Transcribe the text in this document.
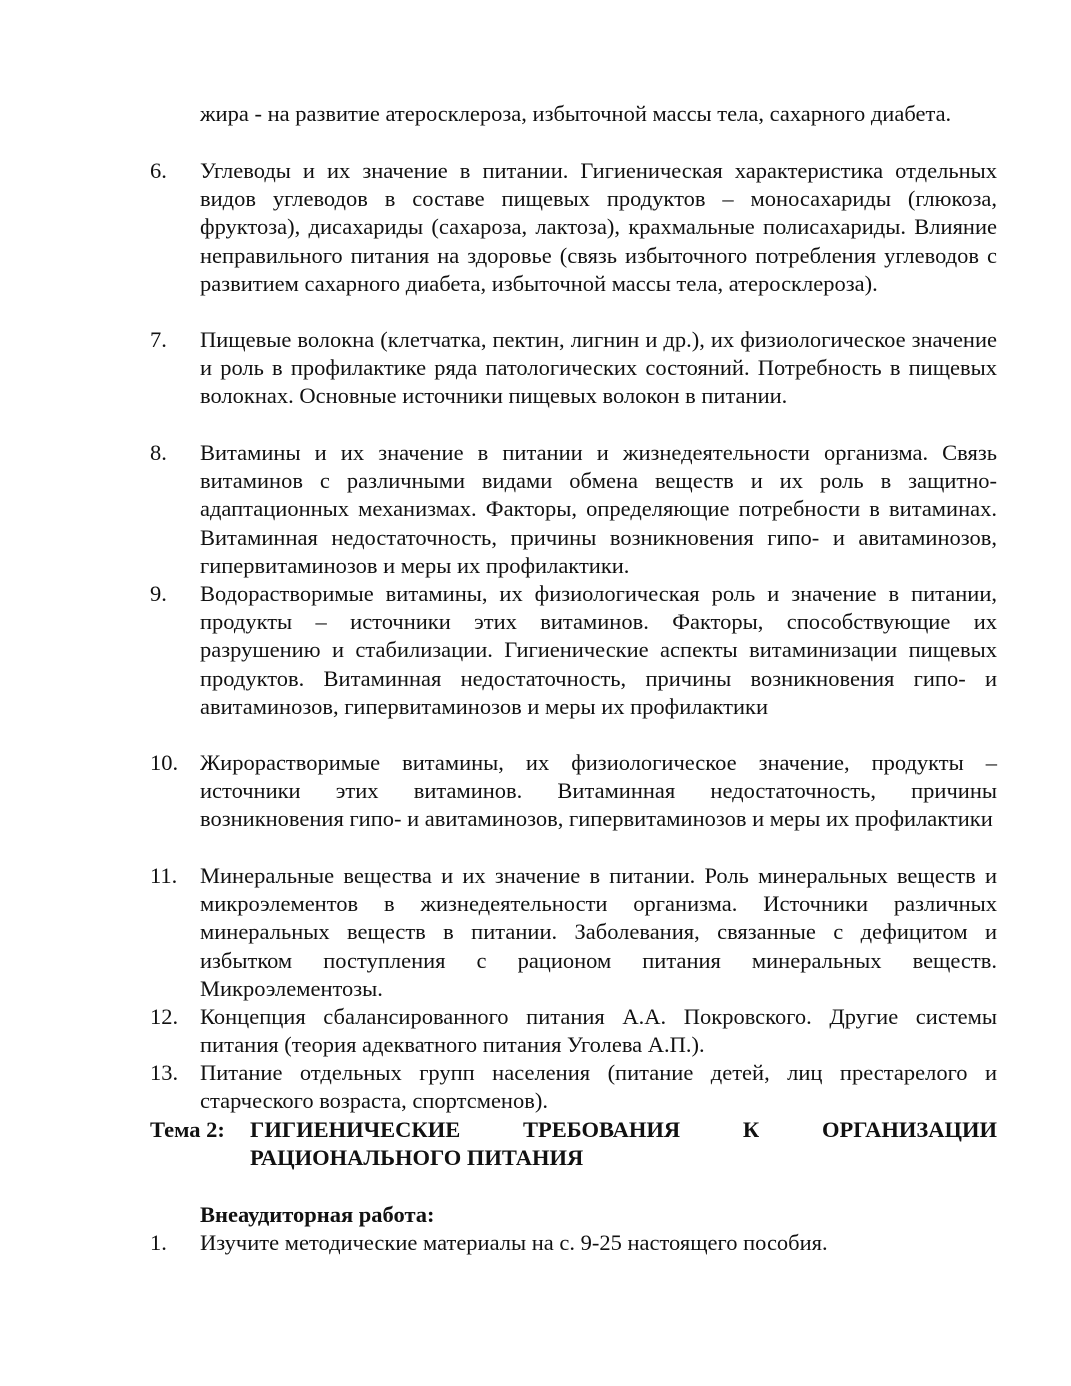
жира - на развитие атеросклероза, избыточной массы тела, сахарного диабета.

6. Углеводы и их значение в питании. Гигиеническая характеристика отдельных видов углеводов в составе пищевых продуктов – моносахариды (глюкоза, фруктоза), дисахариды (сахароза, лактоза), крахмальные полисахариды. Влияние неправильного питания на здоровье (связь избыточного потребления углеводов с развитием сахарного диабета, избыточной массы тела, атеросклероза).

7. Пищевые волокна (клетчатка, пектин, лигнин и др.), их физиологическое значение и роль в профилактике ряда патологических состояний. Потребность в пищевых волокнах. Основные источники пищевых волокон в питании.

8. Витамины и их значение в питании и жизнедеятельности организма. Связь витаминов с различными видами обмена веществ и их роль в защитно-адаптационных механизмах. Факторы, определяющие потребности в витаминах. Витаминная недостаточность, причины возникновения гипо- и авитаминозов, гипервитаминозов и меры их профилактики.

9. Водорастворимые витамины, их физиологическая роль и значение в питании, продукты – источники этих витаминов. Факторы, способствующие их разрушению и стабилизации. Гигиенические аспекты витаминизации пищевых продуктов. Витаминная недостаточность, причины возникновения гипо- и авитаминозов, гипервитаминозов и меры их профилактики

10. Жирорастворимые витамины, их физиологическое значение, продукты – источники этих витаминов. Витаминная недостаточность, причины возникновения гипо- и авитаминозов, гипервитаминозов и меры их профилактики

11. Минеральные вещества и их значение в питании. Роль минеральных веществ и микроэлементов в жизнедеятельности организма. Источники различных минеральных веществ в питании. Заболевания, связанные с дефицитом и избытком поступления с рационом питания минеральных веществ. Микроэлементозы.

12. Концепция сбалансированного питания А.А. Покровского. Другие системы питания (теория адекватного питания Уголева А.П.).

13. Питание отдельных групп населения (питание детей, лиц престарелого и старческого возраста, спортсменов).

Тема 2: ГИГИЕНИЧЕСКИЕ ТРЕБОВАНИЯ К ОРГАНИЗАЦИИ
РАЦИОНАЛЬНОГО ПИТАНИЯ

Внеаудиторная работа:

1. Изучите методические материалы на с. 9-25 настоящего пособия.
